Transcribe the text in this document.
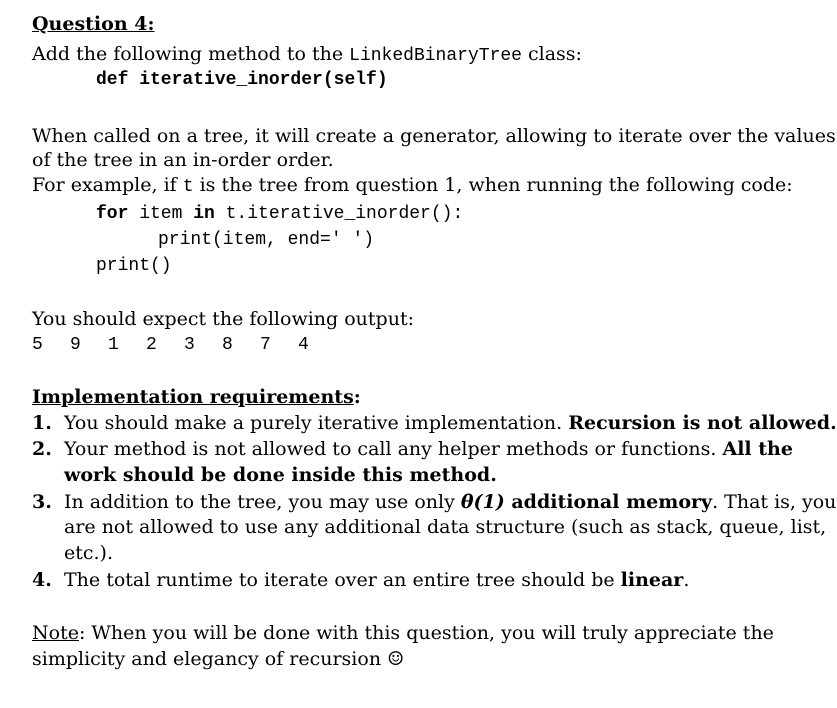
Question 4:
Add the following method to the LinkedBinaryTree class:
def iterative_inorder(self)
When called on a tree, it will create a generator, allowing to iterate over the values
of the tree in an in-order order.
For example, if t is the tree from question 1, when running the following code:
for item in t.iterative_inorder():
print(item, end=' ')
print()
You should expect the following output:
5 9 1 2 3 8 7 4
Implementation requirements:
1. You should make a purely iterative implementation. Recursion is not allowed.
2. Your method is not allowed to call any helper methods or functions. All the
work should be done inside this method.
3. In addition to the tree, you may use only θ(1) additional memory. That is, you
are not allowed to use any additional data structure (such as stack, queue, list,
etc.).
4. The total runtime to iterate over an entire tree should be linear.
Note: When you will be done with this question, you will truly appreciate the
simplicity and elegancy of recursion ☺
